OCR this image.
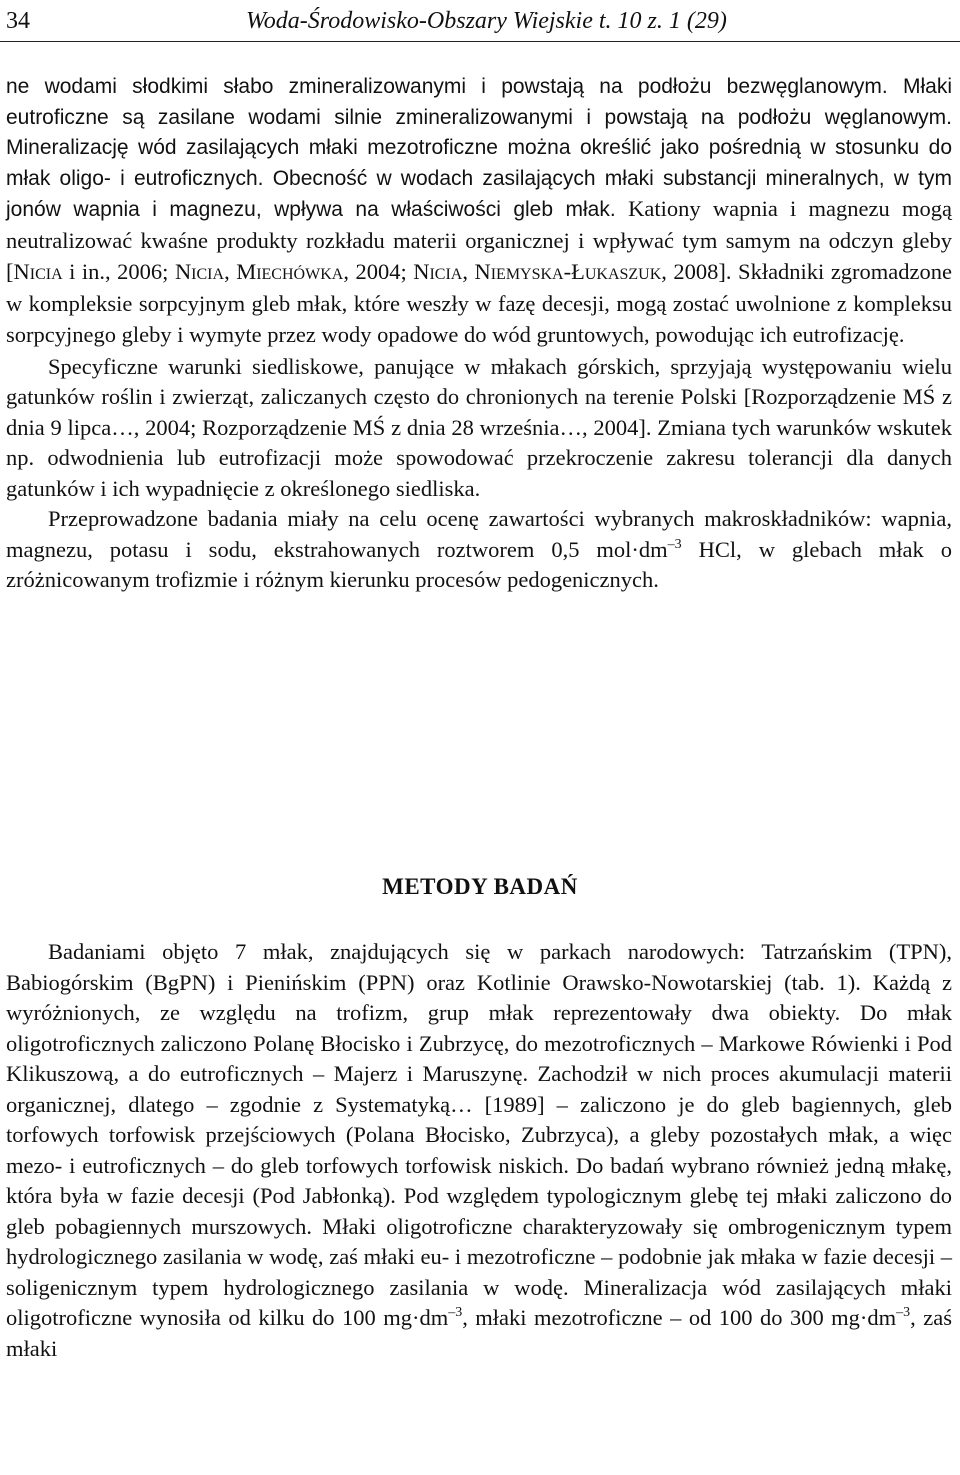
34	Woda-Środowisko-Obszary Wiejskie t. 10 z. 1 (29)

ne wodami słodkimi słabo zmineralizowanymi i powstają na podłożu bezwęglanowym. Młaki eutroficzne są zasilane wodami silnie zmineralizowanymi i powstają na podłożu węglanowym. Mineralizację wód zasilających młaki mezotroficzne można określić jako pośrednią w stosunku do młak oligo- i eutroficznych. Obecność w wodach zasilających młaki substancji mineralnych, w tym jonów wapnia i magnezu, wpływa na właściwości gleb młak. Kationy wapnia i magnezu mogą neutralizować kwaśne produkty rozkładu materii organicznej i wpływać tym samym na odczyn gleby [Nicia i in., 2006; Nicia, Miechówka, 2004; Nicia, Niemyska-Łukaszuk, 2008]. Składniki zgromadzone w kompleksie sorpcyjnym gleb młak, które weszły w fazę decesji, mogą zostać uwolnione z kompleksu sorpcyjnego gleby i wymyte przez wody opadowe do wód gruntowych, powodując ich eutrofizację.

Specyficzne warunki siedliskowe, panujące w młakach górskich, sprzyjają występowaniu wielu gatunków roślin i zwierząt, zaliczanych często do chronionych na terenie Polski [Rozporządzenie MŚ z dnia 9 lipca…, 2004; Rozporządzenie MŚ z dnia 28 września…, 2004]. Zmiana tych warunków wskutek np. odwodnienia lub eutrofizacji może spowodować przekroczenie zakresu tolerancji dla danych gatunków i ich wypadnięcie z określonego siedliska.

Przeprowadzone badania miały na celu ocenę zawartości wybranych makroskładników: wapnia, magnezu, potasu i sodu, ekstrahowanych roztworem 0,5 $mol\cdot dm^{-3}$ HCl, w glebach młak o zróżnicowanym trofizmie i różnym kierunku procesów pedogenicznych.

METODY BADAŃ

Badaniami objęto 7 młak, znajdujących się w parkach narodowych: Tatrzańskim (TPN), Babiogórskim (BgPN) i Pienińskim (PPN) oraz Kotlinie Orawsko-Nowotarskiej (tab. 1). Każdą z wyróżnionych, ze względu na trofizm, grup młak reprezentowały dwa obiekty. Do młak oligotroficznych zaliczono Polanę Błocisko i Zubrzycę, do mezotroficznych – Markowe Rówienki i Pod Klikuszową, a do eutroficznych – Majerz i Maruszynę. Zachodził w nich proces akumulacji materii organicznej, dlatego – zgodnie z Systematyką… [1989] – zaliczono je do gleb bagiennych, gleb torfowych torfowisk przejściowych (Polana Błocisko, Zubrzyca), a gleby pozostałych młak, a więc mezo- i eutroficznych – do gleb torfowych torfowisk niskich. Do badań wybrano również jedną młakę, która była w fazie decesji (Pod Jabłonką). Pod względem typologicznym glebę tej młaki zaliczono do gleb pobagiennych murszowych. Młaki oligotroficzne charakteryzowały się ombrogenicznym typem hydrologicznego zasilania w wodę, zaś młaki eu- i mezotroficzne – podobnie jak młaka w fazie decesji – soligenicznym typem hydrologicznego zasilania w wodę. Mineralizacja wód zasilających młaki oligotroficzne wynosiła od kilku do 100 $mg\cdot dm^{-3}$, młaki mezotroficzne – od 100 do 300 $mg\cdot dm^{-3}$, zaś młaki
